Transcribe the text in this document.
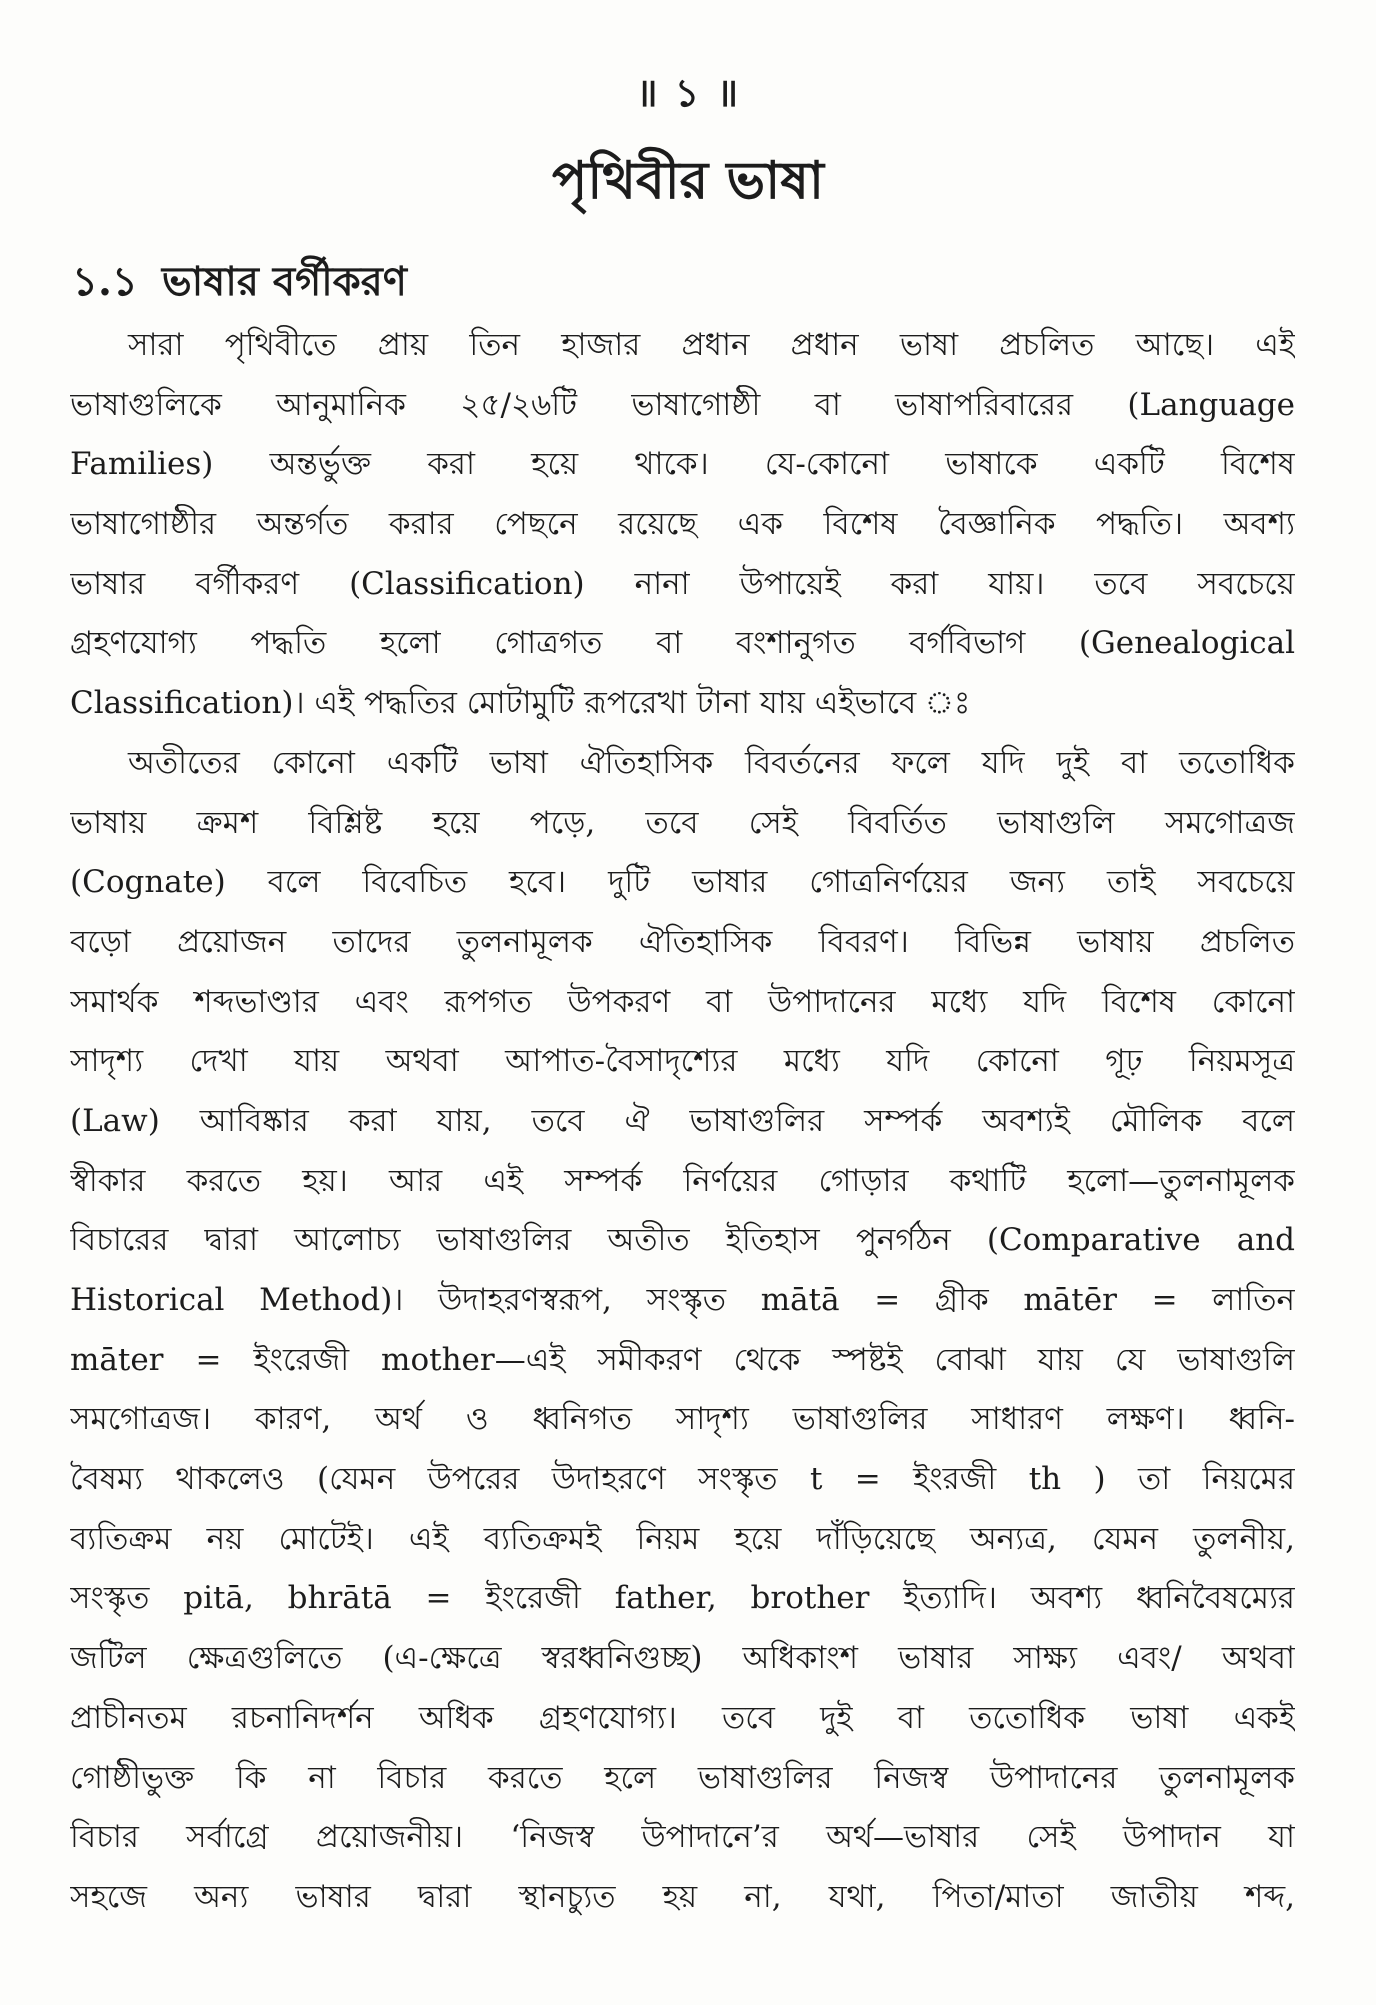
॥ ১ ॥
পৃথিবীর ভাষা
১.১ ভাষার বর্গীকরণ
সারা পৃথিবীতে প্রায় তিন হাজার প্রধান প্রধান ভাষা প্রচলিত আছে। এই
ভাষাগুলিকে আনুমানিক ২৫/২৬টি ভাষাগোষ্ঠী বা ভাষাপরিবারের (Language
Families) অন্তর্ভুক্ত করা হয়ে থাকে। যে-কোনো ভাষাকে একটি বিশেষ
ভাষাগোষ্ঠীর অন্তর্গত করার পেছনে রয়েছে এক বিশেষ বৈজ্ঞানিক পদ্ধতি। অবশ্য
ভাষার বর্গীকরণ (Classification) নানা উপায়েই করা যায়। তবে সবচেয়ে
গ্রহণযোগ্য পদ্ধতি হলো গোত্রগত বা বংশানুগত বর্গবিভাগ (Genealogical
Classification)। এই পদ্ধতির মোটামুটি রূপরেখা টানা যায় এইভাবে ঃ
অতীতের কোনো একটি ভাষা ঐতিহাসিক বিবর্তনের ফলে যদি দুই বা ততোধিক
ভাষায় ক্রমশ বিশ্লিষ্ট হয়ে পড়ে, তবে সেই বিবর্তিত ভাষাগুলি সমগোত্রজ
(Cognate) বলে বিবেচিত হবে। দুটি ভাষার গোত্রনির্ণয়ের জন্য তাই সবচেয়ে
বড়ো প্রয়োজন তাদের তুলনামূলক ঐতিহাসিক বিবরণ। বিভিন্ন ভাষায় প্রচলিত
সমার্থক শব্দভাণ্ডার এবং রূপগত উপকরণ বা উপাদানের মধ্যে যদি বিশেষ কোনো
সাদৃশ্য দেখা যায় অথবা আপাত-বৈসাদৃশ্যের মধ্যে যদি কোনো গূঢ় নিয়মসূত্র
(Law) আবিষ্কার করা যায়, তবে ঐ ভাষাগুলির সম্পর্ক অবশ্যই মৌলিক বলে
স্বীকার করতে হয়। আর এই সম্পর্ক নির্ণয়ের গোড়ার কথাটি হলো—তুলনামূলক
বিচারের দ্বারা আলোচ্য ভাষাগুলির অতীত ইতিহাস পুনর্গঠন (Comparative and
Historical Method)। উদাহরণস্বরূপ, সংস্কৃত mātā = গ্রীক mātēr = লাতিন
māter = ইংরেজী mother—এই সমীকরণ থেকে স্পষ্টই বোঝা যায় যে ভাষাগুলি
সমগোত্রজ। কারণ, অর্থ ও ধ্বনিগত সাদৃশ্য ভাষাগুলির সাধারণ লক্ষণ। ধ্বনি-
বৈষম্য থাকলেও (যেমন উপরের উদাহরণে সংস্কৃত t = ইংরজী th ) তা নিয়মের
ব্যতিক্রম নয় মোটেই। এই ব্যতিক্রমই নিয়ম হয়ে দাঁড়িয়েছে অন্যত্র, যেমন তুলনীয়,
সংস্কৃত pitā, bhrātā = ইংরেজী father, brother ইত্যাদি। অবশ্য ধ্বনিবৈষম্যের
জটিল ক্ষেত্রগুলিতে (এ-ক্ষেত্রে স্বরধ্বনিগুচ্ছ) অধিকাংশ ভাষার সাক্ষ্য এবং/ অথবা
প্রাচীনতম রচনানিদর্শন অধিক গ্রহণযোগ্য। তবে দুই বা ততোধিক ভাষা একই
গোষ্ঠীভুক্ত কি না বিচার করতে হলে ভাষাগুলির নিজস্ব উপাদানের তুলনামূলক
বিচার সর্বাগ্রে প্রয়োজনীয়। ‘নিজস্ব উপাদানে’র অর্থ—ভাষার সেই উপাদান যা
সহজে অন্য ভাষার দ্বারা স্থানচ্যুত হয় না, যথা, পিতা/মাতা জাতীয় শব্দ,
